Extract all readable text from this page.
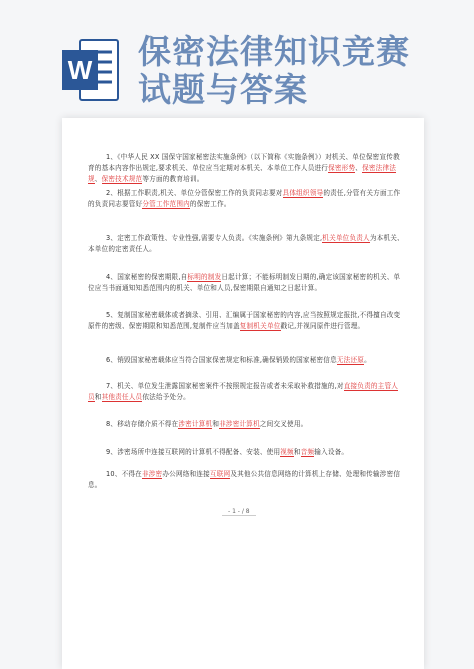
W 保密法律知识竞赛
试题与答案
1、《中华人民 XX 国保守国家秘密法实施条例》（以下简称《实施条例》）对机关、单位保密宣传教育的基本内容作出规定,要求机关、单位应当定期对本机关、本单位工作人员进行保密形势、保密法律法规、保密技术规范等方面的教育培训。
2、根据工作职责,机关、单位分管保密工作的负责同志要对具体组织领导的责任,分管有关方面工作的负责同志要管好分管工作范围内的保密工作。
3、定密工作政策性、专业性强,需要专人负责。《实施条例》第九条规定,机关单位负责人为本机关、本单位的定密责任人。
4、国家秘密的保密期限,自标明的制发日起计算；不能标明制发日期的,确定该国家秘密的机关、单位应当书面通知知悉范围内的机关、单位和人员,保密期限自通知之日起计算。
5、复制国家秘密载体或者摘录、引用、汇编属于国家秘密的内容,应当按照规定报批,不得擅自改变原件的密级、保密期限和知悉范围,复制件应当加盖复制机关单位戳记,并视同原件进行管理。
6、销毁国家秘密载体应当符合国家保密规定和标准,确保销毁的国家秘密信息无法还原。
7、机关、单位发生泄露国家秘密案件不按照规定报告或者未采取补救措施的,对直接负责的主管人员和其他责任人员依法给予处分。
8、移动存储介质不得在涉密计算机和非涉密计算机之间交叉使用。
9、涉密场所中连接互联网的计算机不得配备、安装、使用视频和音频输入设备。
10、不得在非涉密办公网络和连接互联网及其他公共信息网络的计算机上存储、处理和传输涉密信息。
- 1 - / 8
